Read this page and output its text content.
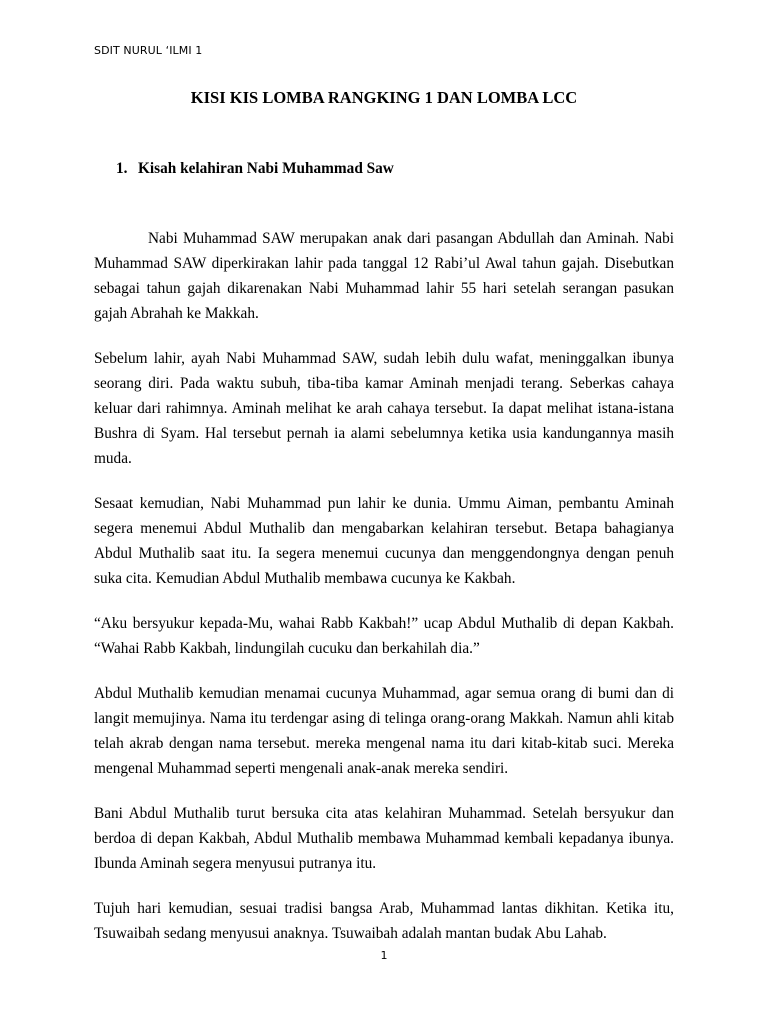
SDIT NURUL ‘ILMI 1
KISI KIS LOMBA RANGKING 1 DAN LOMBA LCC
1. Kisah kelahiran Nabi Muhammad Saw

Nabi Muhammad SAW merupakan anak dari pasangan Abdullah dan Aminah. Nabi Muhammad SAW diperkirakan lahir pada tanggal 12 Rabi’ul Awal tahun gajah. Disebutkan sebagai tahun gajah dikarenakan Nabi Muhammad lahir 55 hari setelah serangan pasukan gajah Abrahah ke Makkah.

Sebelum lahir, ayah Nabi Muhammad SAW, sudah lebih dulu wafat, meninggalkan ibunya seorang diri. Pada waktu subuh, tiba-tiba kamar Aminah menjadi terang. Seberkas cahaya keluar dari rahimnya. Aminah melihat ke arah cahaya tersebut. Ia dapat melihat istana-istana Bushra di Syam. Hal tersebut pernah ia alami sebelumnya ketika usia kandungannya masih muda.

Sesaat kemudian, Nabi Muhammad pun lahir ke dunia. Ummu Aiman, pembantu Aminah segera menemui Abdul Muthalib dan mengabarkan kelahiran tersebut. Betapa bahagianya Abdul Muthalib saat itu. Ia segera menemui cucunya dan menggendongnya dengan penuh suka cita. Kemudian Abdul Muthalib membawa cucunya ke Kakbah.

“Aku bersyukur kepada-Mu, wahai Rabb Kakbah!” ucap Abdul Muthalib di depan Kakbah. “Wahai Rabb Kakbah, lindungilah cucuku dan berkahilah dia.”

Abdul Muthalib kemudian menamai cucunya Muhammad, agar semua orang di bumi dan di langit memujinya. Nama itu terdengar asing di telinga orang-orang Makkah. Namun ahli kitab telah akrab dengan nama tersebut. mereka mengenal nama itu dari kitab-kitab suci. Mereka mengenal Muhammad seperti mengenali anak-anak mereka sendiri.

Bani Abdul Muthalib turut bersuka cita atas kelahiran Muhammad. Setelah bersyukur dan berdoa di depan Kakbah, Abdul Muthalib membawa Muhammad kembali kepadanya ibunya. Ibunda Aminah segera menyusui putranya itu.

Tujuh hari kemudian, sesuai tradisi bangsa Arab, Muhammad lantas dikhitan. Ketika itu, Tsuwaibah sedang menyusui anaknya. Tsuwaibah adalah mantan budak Abu Lahab.

1
